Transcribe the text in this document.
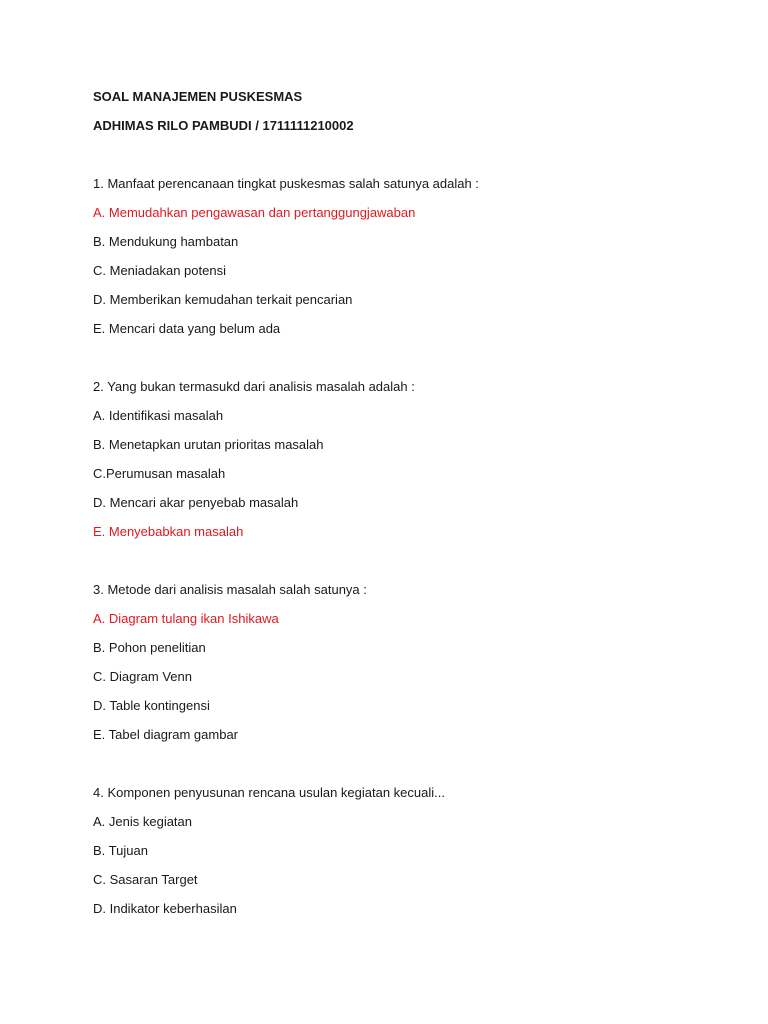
SOAL MANAJEMEN PUSKESMAS
ADHIMAS RILO PAMBUDI / 1711111210002
1. Manfaat perencanaan tingkat puskesmas salah satunya adalah :
A. Memudahkan pengawasan dan pertanggungjawaban
B. Mendukung hambatan
C. Meniadakan potensi
D. Memberikan kemudahan terkait pencarian
E. Mencari data yang belum ada
2. Yang bukan termasukd dari analisis masalah adalah :
A. Identifikasi masalah
B. Menetapkan urutan prioritas masalah
C.Perumusan masalah
D. Mencari akar penyebab masalah
E. Menyebabkan masalah
3. Metode dari analisis masalah salah satunya :
A. Diagram tulang ikan Ishikawa
B. Pohon penelitian
C. Diagram Venn
D. Table kontingensi
E. Tabel diagram gambar
4. Komponen penyusunan rencana usulan kegiatan kecuali...
A. Jenis kegiatan
B. Tujuan
C. Sasaran Target
D. Indikator keberhasilan
